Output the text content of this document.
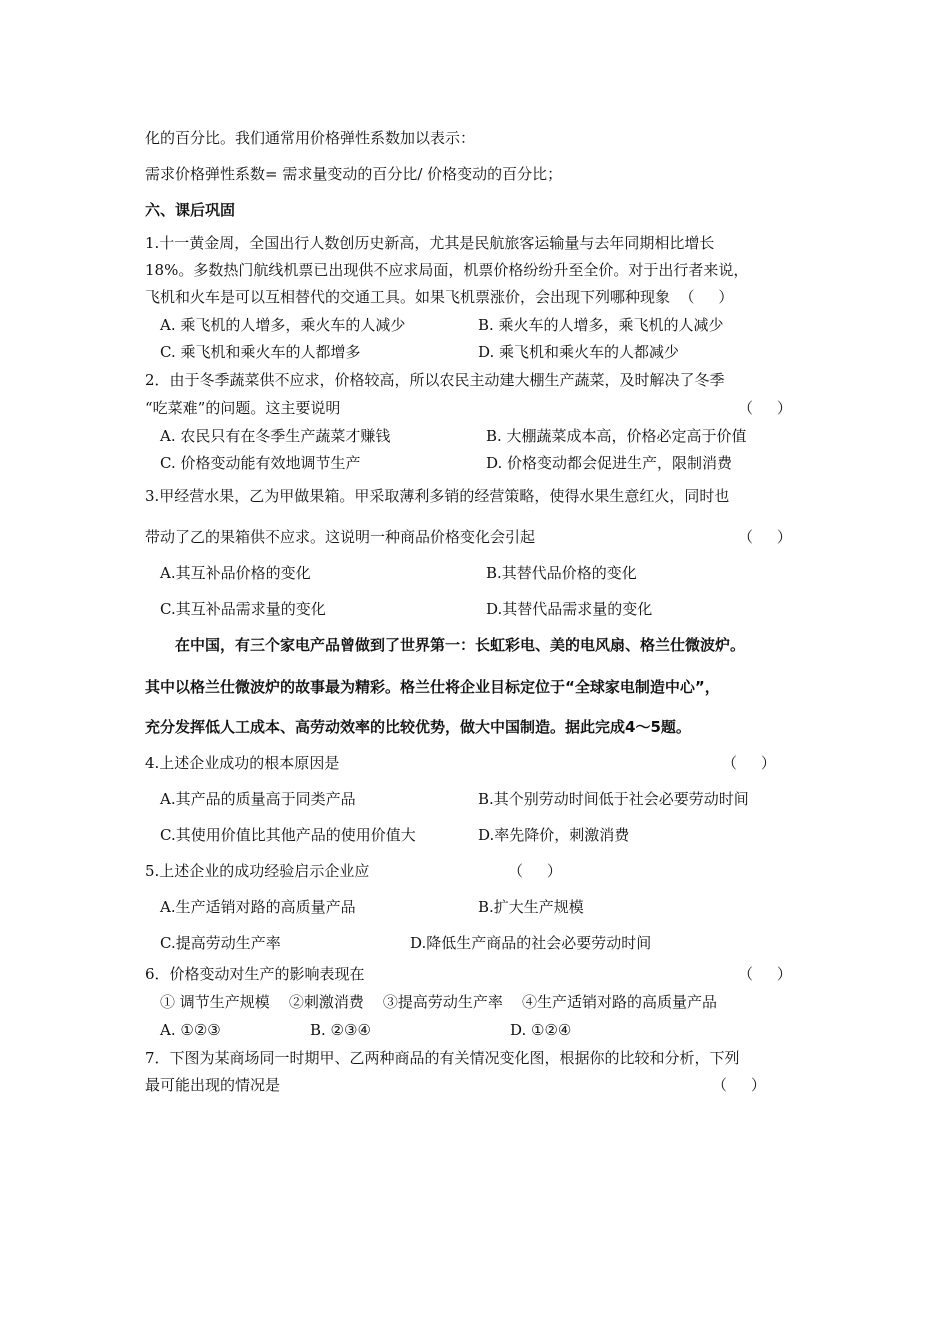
化的百分比。我们通常用价格弹性系数加以表示：
需求价格弹性系数= 需求量变动的百分比/ 价格变动的百分比；
六、课后巩固
1.十一黄金周，全国出行人数创历史新高，尤其是民航旅客运输量与去年同期相比增长
18%。多数热门航线机票已出现供不应求局面，机票价格纷纷升至全价。对于出行者来说，
飞机和火车是可以互相替代的交通工具。如果飞机票涨价，会出现下列哪种现象  （     ）
A. 乘飞机的人增多，乘火车的人减少	B. 乘火车的人增多，乘飞机的人减少
C. 乘飞机和乘火车的人都增多	D. 乘飞机和乘火车的人都减少
2．由于冬季蔬菜供不应求，价格较高，所以农民主动建大棚生产蔬菜，及时解决了冬季
“吃菜难”的问题。这主要说明	（     ）
A. 农民只有在冬季生产蔬菜才赚钱	B. 大棚蔬菜成本高，价格必定高于价值
C. 价格变动能有效地调节生产	D. 价格变动都会促进生产，限制消费
3.甲经营水果，乙为甲做果箱。甲采取薄利多销的经营策略，使得水果生意红火，同时也
带动了乙的果箱供不应求。这说明一种商品价格变化会引起	（     ）
A.其互补品价格的变化	B.其替代品价格的变化
C.其互补品需求量的变化	D.其替代品需求量的变化
在中国，有三个家电产品曾做到了世界第一：长虹彩电、美的电风扇、格兰仕微波炉。
其中以格兰仕微波炉的故事最为精彩。格兰仕将企业目标定位于“全球家电制造中心”，
充分发挥低人工成本、高劳动效率的比较优势，做大中国制造。据此完成4～5题。
4.上述企业成功的根本原因是	（     ）
A.其产品的质量高于同类产品	B.其个别劳动时间低于社会必要劳动时间
C.其使用价值比其他产品的使用价值大	D.率先降价，刺激消费
5.上述企业的成功经验启示企业应	（     ）
A.生产适销对路的高质量产品	B.扩大生产规模
C.提高劳动生产率	D.降低生产商品的社会必要劳动时间
6．价格变动对生产的影响表现在	（     ）
① 调节生产规模    ②刺激消费    ③提高劳动生产率    ④生产适销对路的高质量产品
A. ①②③	B. ②③④	D. ①②④
7．下图为某商场同一时期甲、乙两种商品的有关情况变化图，根据你的比较和分析，下列
最可能出现的情况是	（     ）
